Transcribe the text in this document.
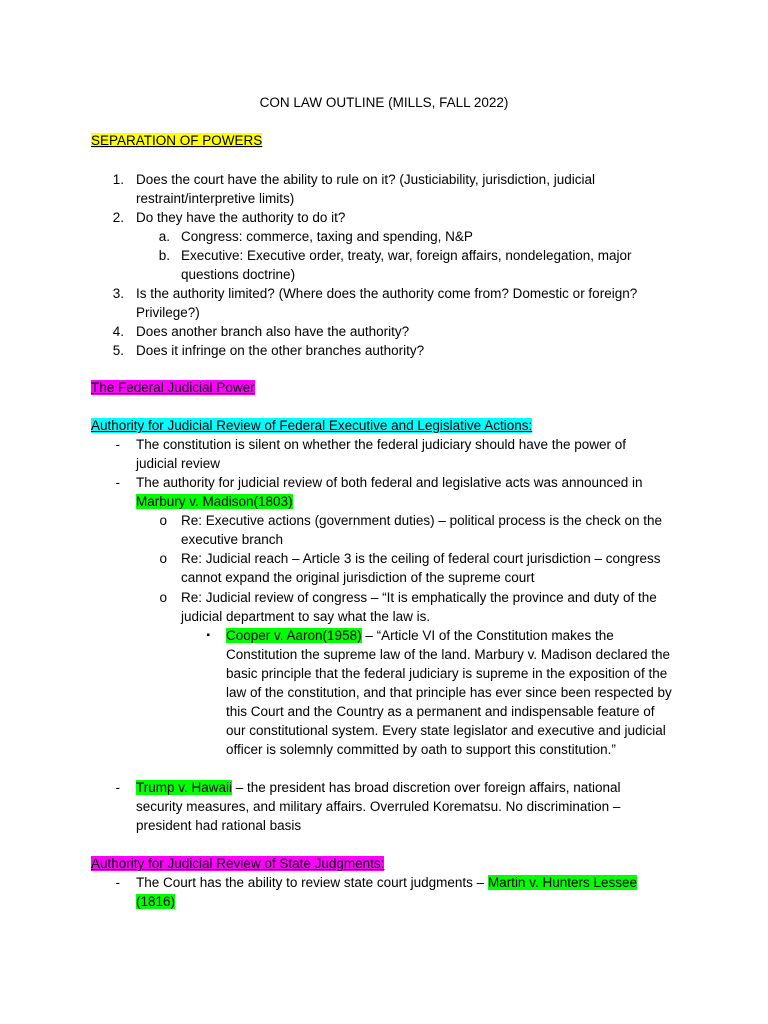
CON LAW OUTLINE (MILLS, FALL 2022)
SEPARATION OF POWERS
1. Does the court have the ability to rule on it? (Justiciability, jurisdiction, judicial restraint/interpretive limits)
2. Do they have the authority to do it?
a. Congress: commerce, taxing and spending, N&P
b. Executive: Executive order, treaty, war, foreign affairs, nondelegation, major questions doctrine)
3. Is the authority limited? (Where does the authority come from? Domestic or foreign? Privilege?)
4. Does another branch also have the authority?
5. Does it infringe on the other branches authority?
The Federal Judicial Power
Authority for Judicial Review of Federal Executive and Legislative Actions:
- The constitution is silent on whether the federal judiciary should have the power of judicial review
- The authority for judicial review of both federal and legislative acts was announced in
Marbury v. Madison(1803)
o Re: Executive actions (government duties) – political process is the check on the executive branch
o Re: Judicial reach – Article 3 is the ceiling of federal court jurisdiction – congress cannot expand the original jurisdiction of the supreme court
o Re: Judicial review of congress – “It is emphatically the province and duty of the judicial department to say what the law is.
▪ Cooper v. Aaron(1958) – “Article VI of the Constitution makes the Constitution the supreme law of the land. Marbury v. Madison declared the basic principle that the federal judiciary is supreme in the exposition of the law of the constitution, and that principle has ever since been respected by this Court and the Country as a permanent and indispensable feature of our constitutional system. Every state legislator and executive and judicial officer is solemnly committed by oath to support this constitution.”
- Trump v. Hawaii – the president has broad discretion over foreign affairs, national security measures, and military affairs. Overruled Korematsu. No discrimination – president had rational basis
Authority for Judicial Review of State Judgments:
- The Court has the ability to review state court judgments – Martin v. Hunters Lessee (1816)
